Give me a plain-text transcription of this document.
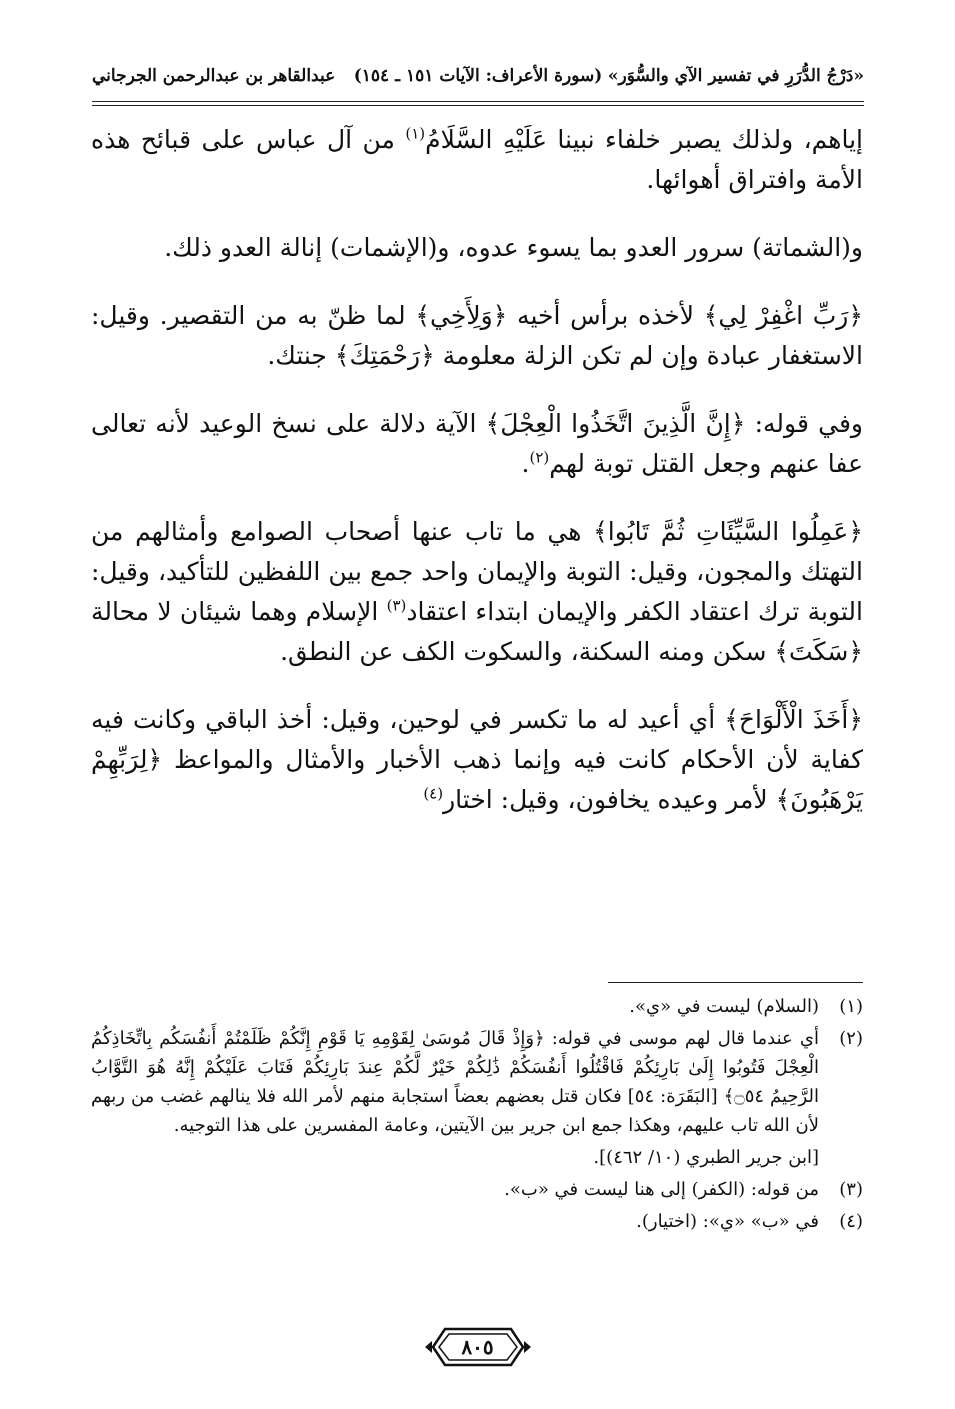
«دَرْجُ الدُّرَرِ في تفسير الآي والسُّوَر»
(سورة الأعراف: الآيات ١٥١ ـ ١٥٤)
عبدالقاهر بن عبدالرحمن الجرجاني

إياهم، ولذلك يصبر خلفاء نبينا عَلَيْهِ السَّلَامُ$^{(١)}$ من آل عباس على قبائح هذه الأمة وافتراق أهوائها.

و(الشماتة) سرور العدو بما يسوء عدوه، و(الإشمات) إنالة العدو ذلك.

﴿رَبِّ اغْفِرْ لِي﴾ لأخذه برأس أخيه ﴿وَلِأَخِي﴾ لما ظنّ به من التقصير. وقيل: الاستغفار عبادة وإن لم تكن الزلة معلومة ﴿رَحْمَتِكَ﴾ جنتك.

وفي قوله: ﴿إِنَّ الَّذِينَ اتَّخَذُوا الْعِجْلَ﴾ الآية دلالة على نسخ الوعيد لأنه تعالى عفا عنهم وجعل القتل توبة لهم$^{(٢)}$.

﴿عَمِلُوا السَّيِّئَاتِ ثُمَّ تَابُوا﴾ هي ما تاب عنها أصحاب الصوامع وأمثالهم من التهتك والمجون، وقيل: التوبة والإيمان واحد جمع بين اللفظين للتأكيد، وقيل: التوبة ترك اعتقاد الكفر والإيمان ابتداء اعتقاد$^{(٣)}$ الإسلام وهما شيئان لا محالة ﴿سَكَتَ﴾ سكن ومنه السكنة، والسكوت الكف عن النطق.

﴿أَخَذَ الْأَلْوَاحَ﴾ أي أعيد له ما تكسر في لوحين، وقيل: أخذ الباقي وكانت فيه كفاية لأن الأحكام كانت فيه وإنما ذهب الأخبار والأمثال والمواعظ ﴿لِرَبِّهِمْ يَرْهَبُونَ﴾ لأمر وعيده يخافون، وقيل: اختار$^{(٤)}$

(١)
(السلام) ليست في «ي».
(٢)
أي عندما قال لهم موسى في قوله: ﴿وَإِذْ قَالَ مُوسَىٰ لِقَوْمِهِ يَا قَوْمِ إِنَّكُمْ ظَلَمْتُمْ أَنفُسَكُم بِاتِّخَاذِكُمُ الْعِجْلَ فَتُوبُوا إِلَىٰ بَارِئِكُمْ فَاقْتُلُوا أَنفُسَكُمْ ذَٰلِكُمْ خَيْرٌ لَّكُمْ عِندَ بَارِئِكُمْ فَتَابَ عَلَيْكُمْ إِنَّهُ هُوَ التَّوَّابُ الرَّحِيمُ ۝٥٤﴾ [البَقَرَة: ٥٤] فكان قتل بعضهم بعضاً استجابة منهم لأمر الله فلا ينالهم غضب من ربهم لأن الله تاب عليهم، وهكذا جمع ابن جرير بين الآيتين، وعامة المفسرين على هذا التوجيه.
[ابن جرير الطبري (١٠/ ٤٦٢)].
(٣)
من قوله: (الكفر) إلى هنا ليست في «ب».
(٤)
في «ب» «ي»: (اختيار).
٨٠٥
